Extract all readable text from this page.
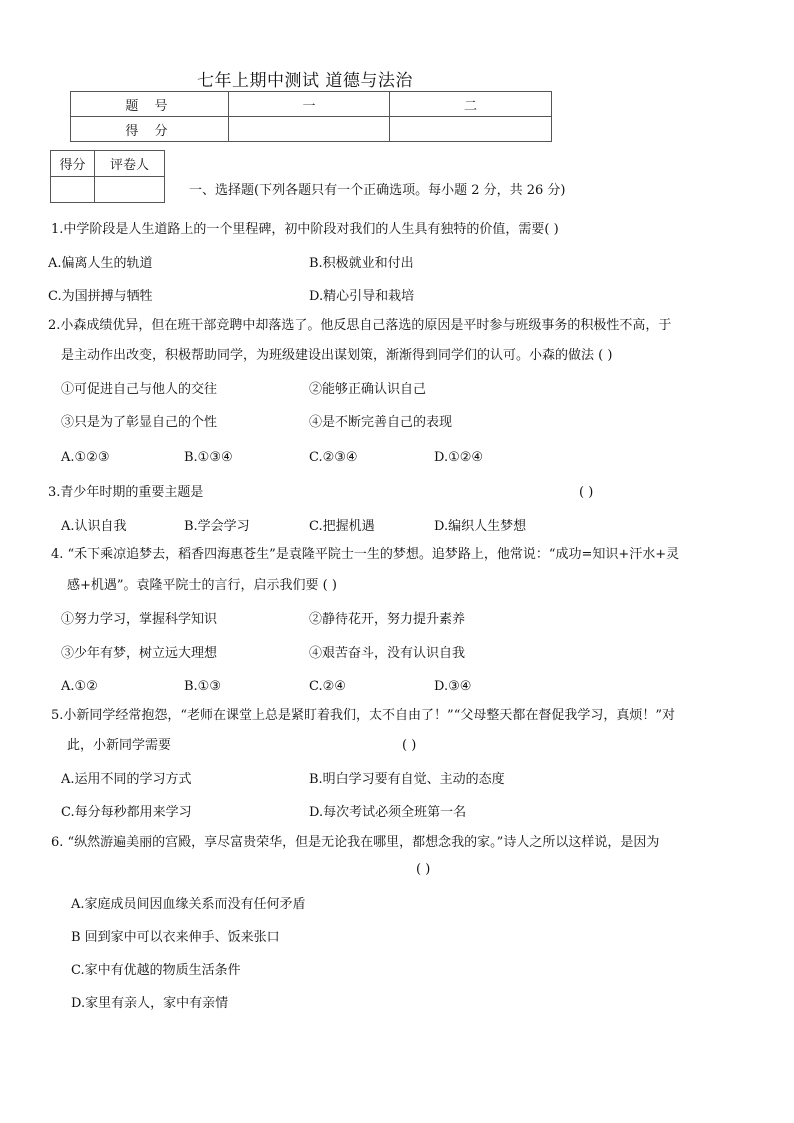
七年上期中测试 道德与法治
题 号	一	二
得 分		
得分	评卷人

一、选择题(下列各题只有一个正确选项。每小题 2 分，共 26 分)
1.中学阶段是人生道路上的一个里程碑，初中阶段对我们的人生具有独特的价值，需要( )
A.偏离人生的轨道	B.积极就业和付出
C.为国拼搏与牺牲	D.精心引导和栽培
2.小森成绩优异，但在班干部竞聘中却落选了。他反思自己落选的原因是平时参与班级事务的积极性不高，于
是主动作出改变，积极帮助同学，为班级建设出谋划策，渐渐得到同学们的认可。小森的做法 ( )
①可促进自己与他人的交往	②能够正确认识自己
③只是为了彰显自己的个性	④是不断完善自己的表现
A.①②③	B.①③④	C.②③④	D.①②④
3.青少年时期的重要主题是	( )
A.认识自我	B.学会学习	C.把握机遇	D.编织人生梦想
4. “禾下乘凉追梦去，稻香四海惠苍生”是袁隆平院士一生的梦想。追梦路上，他常说：“成功=知识+汗水+灵
感+机遇”。袁隆平院士的言行，启示我们要 ( )
①努力学习，掌握科学知识	②静待花开，努力提升素养
③少年有梦，树立远大理想	④艰苦奋斗，没有认识自我
A.①②	B.①③	C.②④	D.③④
5.小新同学经常抱怨，“老师在课堂上总是紧盯着我们，太不自由了！”“父母整天都在督促我学习，真烦！”对
此，小新同学需要	( )
A.运用不同的学习方式	B.明白学习要有自觉、主动的态度
C.每分每秒都用来学习	D.每次考试必须全班第一名
6. “纵然游遍美丽的宫殿，享尽富贵荣华，但是无论我在哪里，都想念我的家。”诗人之所以这样说，是因为
( )
A.家庭成员间因血缘关系而没有任何矛盾
B 回到家中可以衣来伸手、饭来张口
C.家中有优越的物质生活条件
D.家里有亲人，家中有亲情
